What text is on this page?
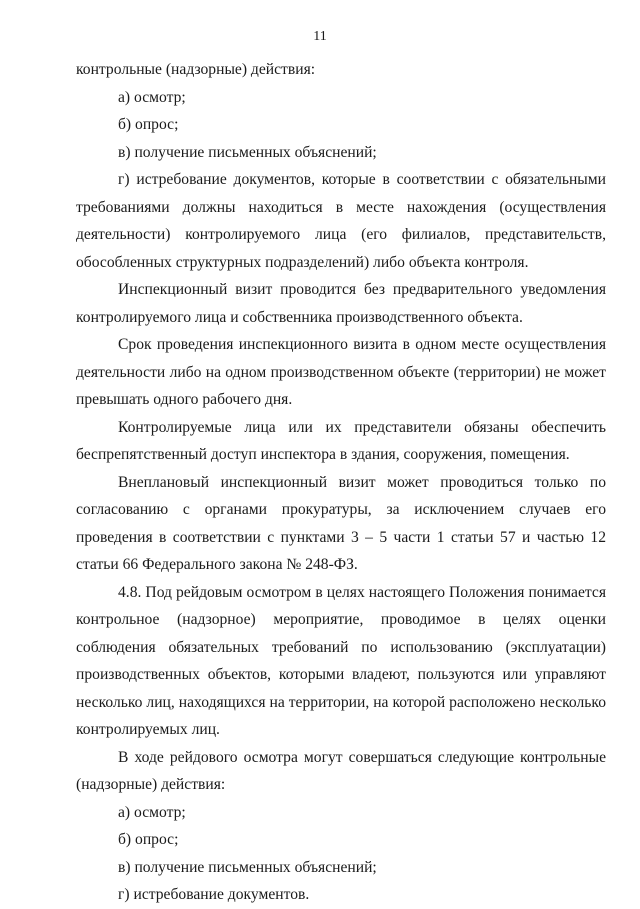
11

контрольные (надзорные) действия:

а) осмотр;

б) опрос;

в) получение письменных объяснений;

г) истребование документов, которые в соответствии с обязательными требованиями должны находиться в месте нахождения (осуществления деятельности) контролируемого лица (его филиалов, представительств, обособленных структурных подразделений) либо объекта контроля.

Инспекционный визит проводится без предварительного уведомления контролируемого лица и собственника производственного объекта.

Срок проведения инспекционного визита в одном месте осуществления деятельности либо на одном производственном объекте (территории) не может превышать одного рабочего дня.

Контролируемые лица или их представители обязаны обеспечить беспрепятственный доступ инспектора в здания, сооружения, помещения.

Внеплановый инспекционный визит может проводиться только по согласованию с органами прокуратуры, за исключением случаев его проведения в соответствии с пунктами 3 – 5 части 1 статьи 57 и частью 12 статьи 66 Федерального закона № 248-ФЗ.

4.8. Под рейдовым осмотром в целях настоящего Положения понимается контрольное (надзорное) мероприятие, проводимое в целях оценки соблюдения обязательных требований по использованию (эксплуатации) производственных объектов, которыми владеют, пользуются или управляют несколько лиц, находящихся на территории, на которой расположено несколько контролируемых лиц.

В ходе рейдового осмотра могут совершаться следующие контрольные (надзорные) действия:

а) осмотр;

б) опрос;

в) получение письменных объяснений;

г) истребование документов.
